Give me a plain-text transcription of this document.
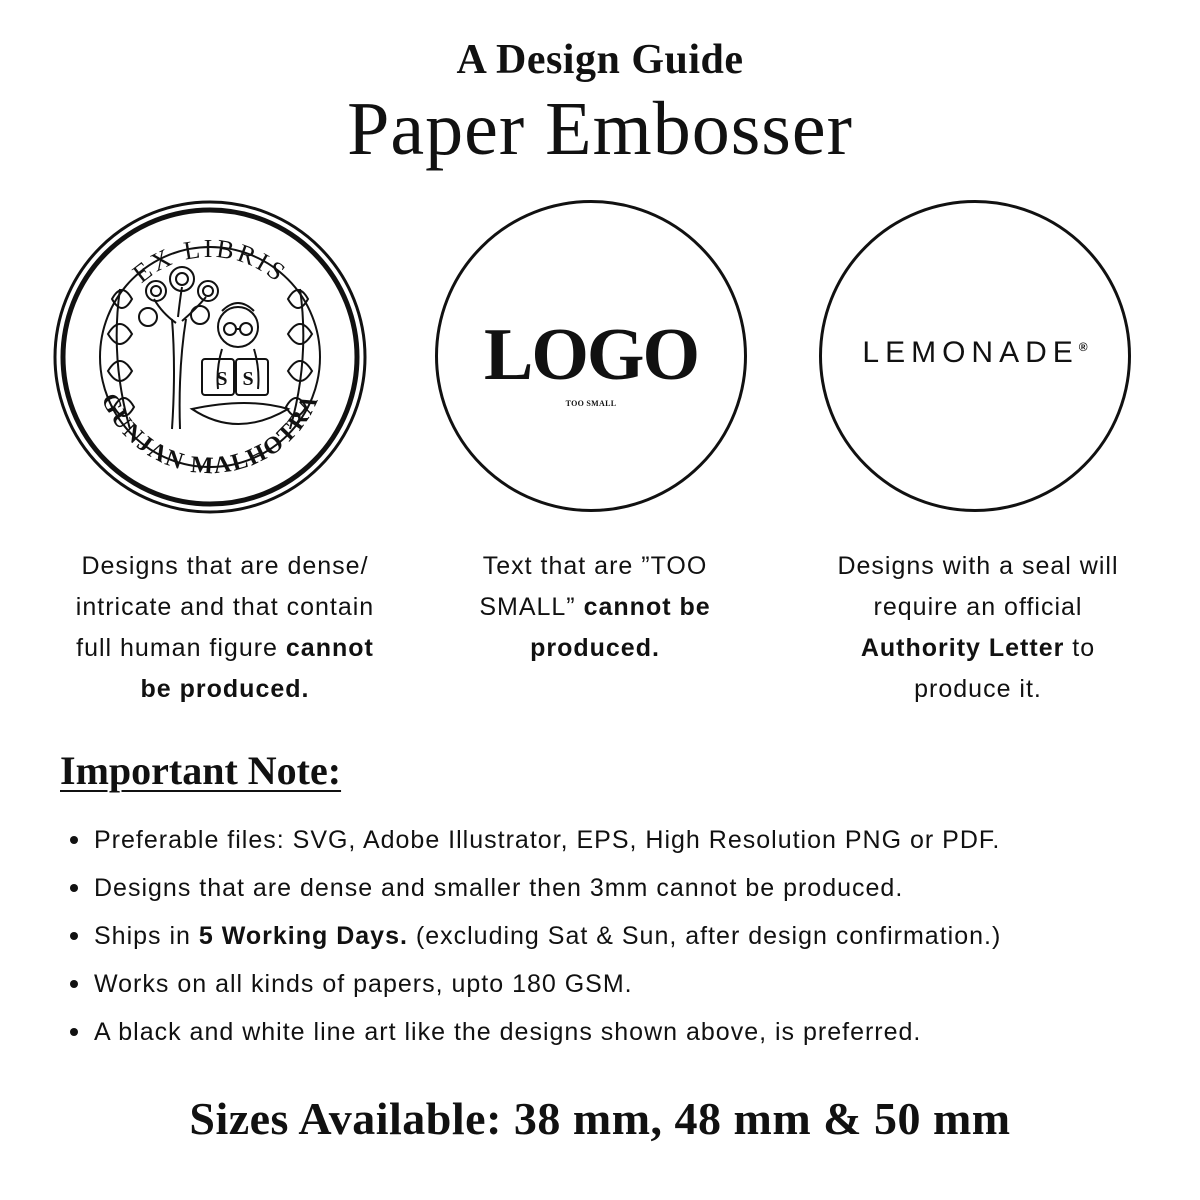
A Design Guide
Paper Embosser
EX LIBRIS
GUNJAN MALHOTRA
S S	LOGO
TOO SMALL
LEMONADE®
Designs that are dense/
intricate and that contain
full human figure cannot
be produced.
Text that are ”TOO
SMALL” cannot be
produced.
Designs with a seal will
require an official
Authority Letter to
produce it.
Important Note:
Preferable files: SVG, Adobe Illustrator, EPS, High Resolution PNG or PDF.
Designs that are dense and smaller then 3mm cannot be produced.
Ships in 5 Working Days. (excluding Sat & Sun, after design confirmation.)
Works on all kinds of papers, upto 180 GSM.
A black and white line art like the designs shown above, is preferred.
Sizes Available: 38 mm, 48 mm & 50 mm
